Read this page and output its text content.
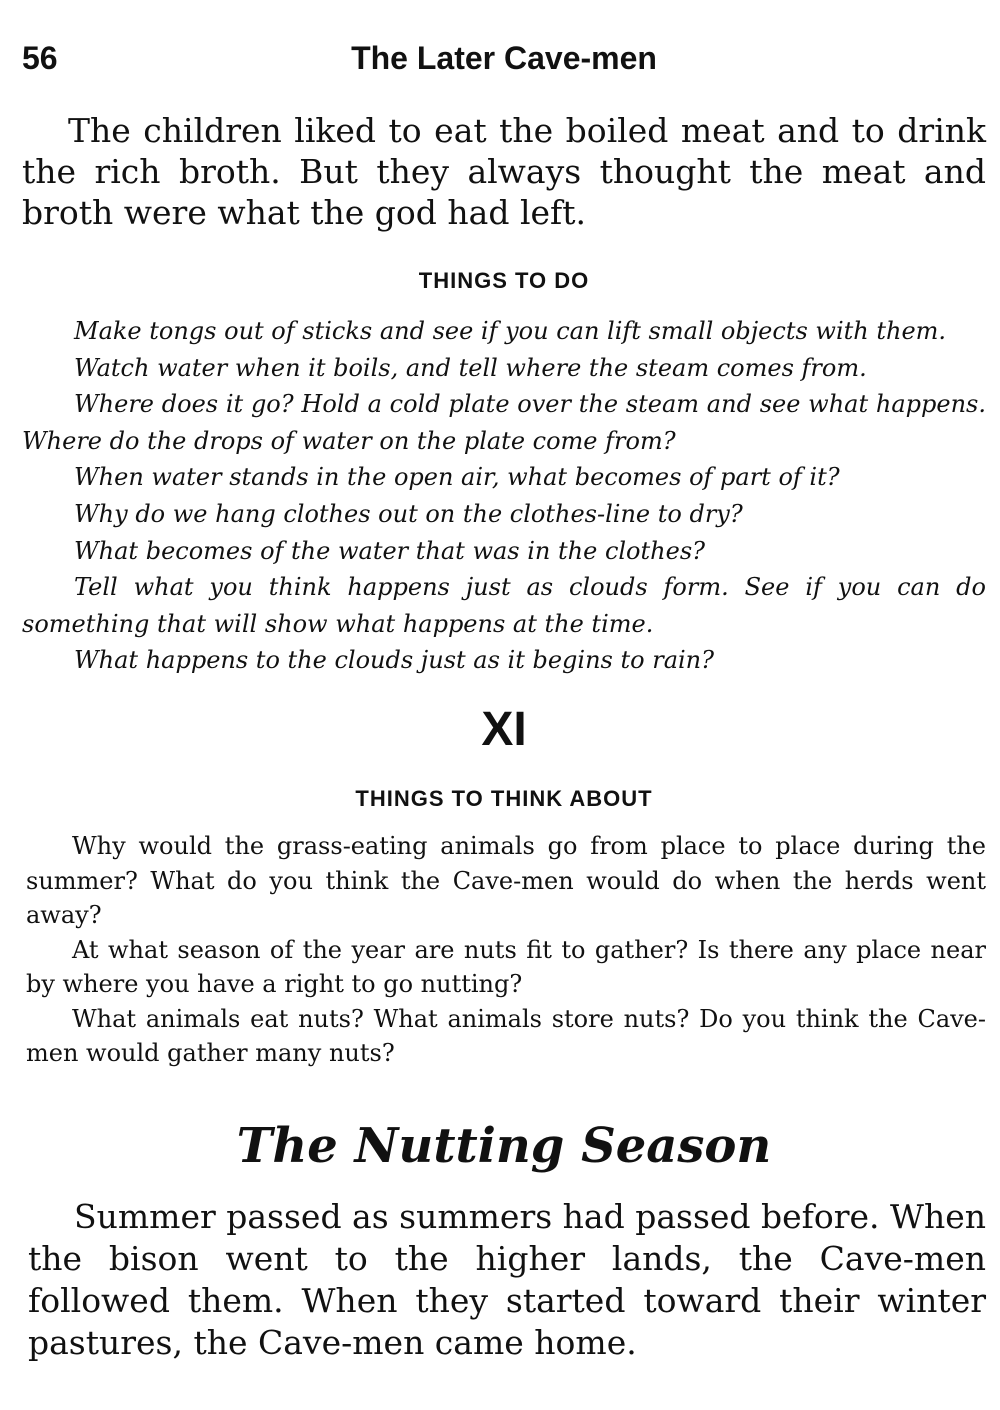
56	The Later Cave-men

The children liked to eat the boiled meat and to drink the rich broth. But they always thought the meat and broth were what the god had left.

THINGS TO DO

Make tongs out of sticks and see if you can lift small objects with them.

Watch water when it boils, and tell where the steam comes from.

Where does it go? Hold a cold plate over the steam and see what happens. Where do the drops of water on the plate come from?

When water stands in the open air, what becomes of part of it?

Why do we hang clothes out on the clothes-line to dry?

What becomes of the water that was in the clothes?

Tell what you think happens just as clouds form. See if you can do something that will show what happens at the time.

What happens to the clouds just as it begins to rain?

XI
THINGS TO THINK ABOUT

Why would the grass-eating animals go from place to place during the summer? What do you think the Cave-men would do when the herds went away?

At what season of the year are nuts fit to gather? Is there any place near by where you have a right to go nutting?

What animals eat nuts? What animals store nuts? Do you think the Cave-men would gather many nuts?

The Nutting Season

Summer passed as summers had passed before. When the bison went to the higher lands, the Cave-men followed them. When they started toward their winter pastures, the Cave-men came home.
